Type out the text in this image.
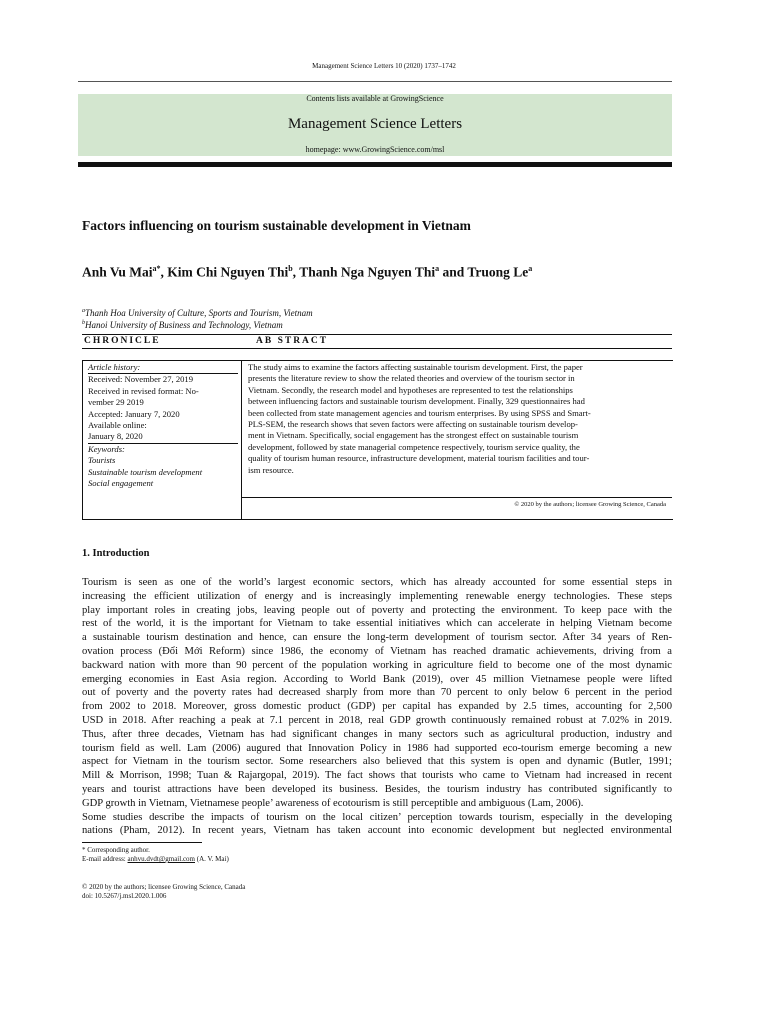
Management Science Letters 10 (2020) 1737–1742
Contents lists available at GrowingScience
Management Science Letters
homepage: www.GrowingScience.com/msl
Factors influencing on tourism sustainable development in Vietnam
Anh Vu Mai$^{a*}$, Kim Chi Nguyen Thi$^b$, Thanh Nga Nguyen Thi$^a$ and Truong Le$^a$
$^a$Thanh Hoa University of Culture, Sports and Tourism, Vietnam
$^b$Hanoi University of Business and Technology, Vietnam
CHRONICLE	AB STRACT
Article history:
Received: November 27, 2019
Received in revised format: No-
vember 29 2019
Accepted: January 7, 2020
Available online:
January 8, 2020
Keywords:
Tourists
Sustainable tourism development
Social engagement
The study aims to examine the factors affecting sustainable tourism development. First, the paper
presents the literature review to show the related theories and overview of the tourism sector in
Vietnam. Secondly, the research model and hypotheses are represented to test the relationships
between influencing factors and sustainable tourism development. Finally, 329 questionnaires had
been collected from state management agencies and tourism enterprises. By using SPSS and Smart-
PLS-SEM, the research shows that seven factors were affecting on sustainable tourism develop-
ment in Vietnam. Specifically, social engagement has the strongest effect on sustainable tourism
development, followed by state managerial competence respectively, tourism service quality, the
quality of tourism human resource, infrastructure development, material tourism facilities and tour-
ism resource.
© 2020 by the authors; licensee Growing Science, Canada
1. Introduction
Tourism is seen as one of the world’s largest economic sectors, which has already accounted for some essential steps in
increasing the efficient utilization of energy and is increasingly implementing renewable energy technologies. These steps
play important roles in creating jobs, leaving people out of poverty and protecting the environment. To keep pace with the
rest of the world, it is the important for Vietnam to take essential initiatives which can accelerate in helping Vietnam become
a sustainable tourism destination and hence, can ensure the long-term development of tourism sector. After 34 years of Ren-
ovation process (Đổi Mới Reform) since 1986, the economy of Vietnam has reached dramatic achievements, driving from a
backward nation with more than 90 percent of the population working in agriculture field to become one of the most dynamic
emerging economies in East Asia region. According to World Bank (2019), over 45 million Vietnamese people were lifted
out of poverty and the poverty rates had decreased sharply from more than 70 percent to only below 6 percent in the period
from 2002 to 2018. Moreover, gross domestic product (GDP) per capital has expanded by 2.5 times, accounting for 2,500
USD in 2018. After reaching a peak at 7.1 percent in 2018, real GDP growth continuously remained robust at 7.02% in 2019.
Thus, after three decades, Vietnam has had significant changes in many sectors such as agricultural production, industry and
tourism field as well. Lam (2006) augured that Innovation Policy in 1986 had supported eco-tourism emerge becoming a new
aspect for Vietnam in the tourism sector. Some researchers also believed that this system is open and dynamic (Butler, 1991;
Mill & Morrison, 1998; Tuan & Rajargopal, 2019). The fact shows that tourists who came to Vietnam had increased in recent
years and tourist attractions have been developed its business. Besides, the tourism industry has contributed significantly to
GDP growth in Vietnam, Vietnamese people’ awareness of ecotourism is still perceptible and ambiguous (Lam, 2006).
Some studies describe the impacts of tourism on the local citizen’ perception towards tourism, especially in the developing
nations (Pham, 2012). In recent years, Vietnam has taken account into economic development but neglected environmental
* Corresponding author.
E-mail address: anhvu.dvdt@gmail.com (A. V. Mai)
© 2020 by the authors; licensee Growing Science, Canada
doi: 10.5267/j.msl.2020.1.006
